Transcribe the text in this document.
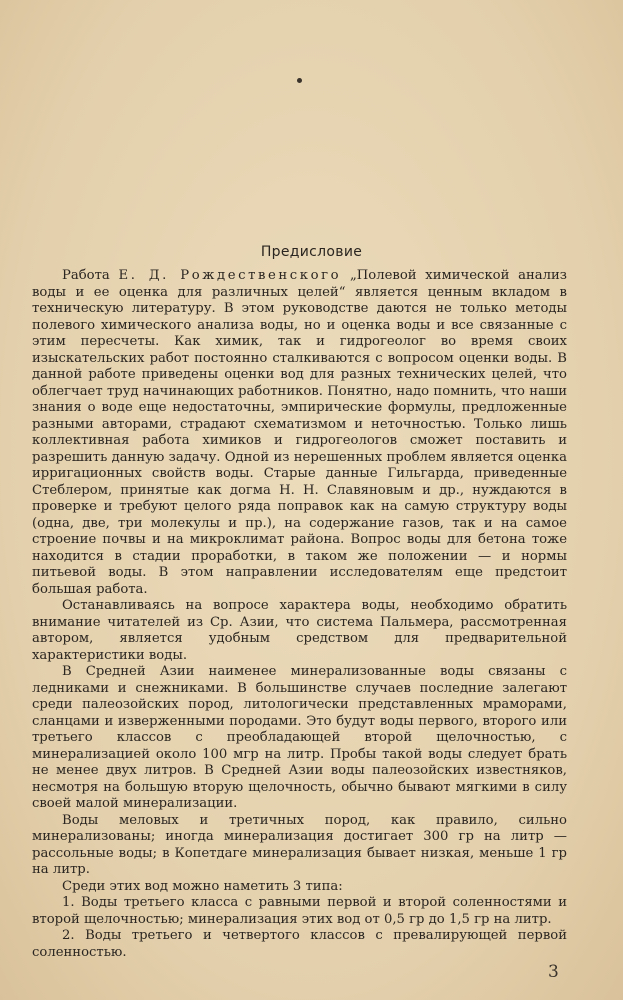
Предисловие

Работа Е. Д. Рождественского „Полевой химической анализ воды и ее оценка для различных целей“ является ценным вкладом в техническую литературу. В этом руководстве даются не только методы полевого химического анализа воды, но и оценка воды и все связанные с этим пересчеты. Как химик, так и гидрогеолог во время своих изыскательских работ постоянно сталкиваются с вопросом оценки воды. В данной работе приведены оценки вод для разных технических целей, что облегчает труд начинающих работников. Понятно, надо помнить, что наши знания о воде еще недостаточны, эмпирические формулы, предложенные разными авторами, страдают схематизмом и неточностью. Только лишь коллективная работа химиков и гидрогеологов сможет поставить и разрешить данную задачу. Одной из нерешенных проблем является оценка ирригационных свойств воды. Старые данные Гильгарда, приведенные Стеблером, принятые как догма Н. Н. Славяновым и др., нуждаются в проверке и требуют целого ряда поправок как на самую структуру воды (одна, две, три молекулы и пр.), на содержание газов, так и на самое строение почвы и на микроклимат района. Вопрос воды для бетона тоже находится в стадии проработки, в таком же положении — и нормы питьевой воды. В этом направлении исследователям еще предстоит большая работа.

Останавливаясь на вопросе характера воды, необходимо обратить внимание читателей из Ср. Азии, что система Пальмера, рассмотренная автором, является удобным средством для предварительной характеристики воды.

В Средней Азии наименее минерализованные воды связаны с ледниками и снежниками. В большинстве случаев последние залегают среди палеозойских пород, литологически представленных мраморами, сланцами и изверженными породами. Это будут воды первого, второго или третьего классов с преобладающей второй щелочностью, с минерализацией около 100 мгр на литр. Пробы такой воды следует брать не менее двух литров. В Средней Азии воды палеозойских известняков, несмотря на большую вторую щелочность, обычно бывают мягкими в силу своей малой минерализации.

Воды меловых и третичных пород, как правило, сильно минерализованы; иногда минерализация достигает 300 гр на литр — рассольные воды; в Копетдаге минерализация бывает низкая, меньше 1 гр на литр.

Среди этих вод можно наметить 3 типа:

1. Воды третьего класса с равными первой и второй соленностями и второй щелочностью; минерализация этих вод от 0,5 гр до 1,5 гр на литр.

2. Воды третьего и четвертого классов с превалирующей первой соленностью.

3
